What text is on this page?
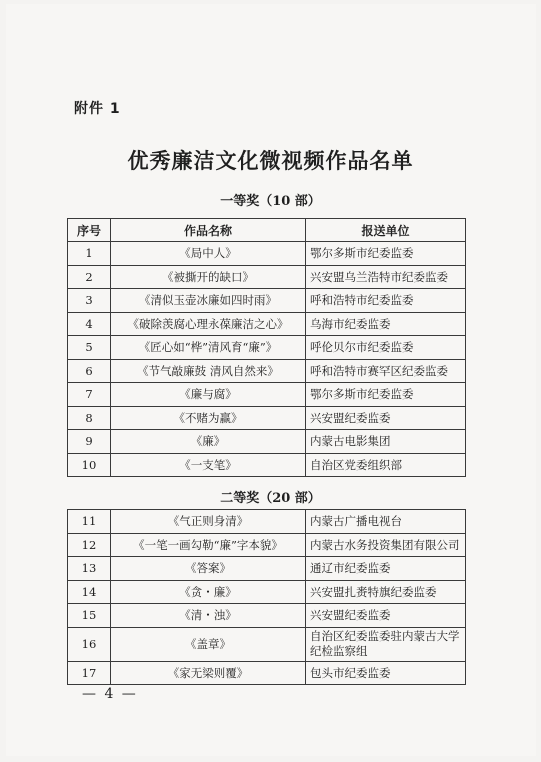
附件 1
优秀廉洁文化微视频作品名单
一等奖（10 部）
序号	作品名称	报送单位
1	《局中人》	鄂尔多斯市纪委监委
2	《被撕开的缺口》	兴安盟乌兰浩特市纪委监委
3	《清似玉壶冰廉如四时雨》	呼和浩特市纪委监委
4	《破除羡腐心理永葆廉洁之心》	乌海市纪委监委
5	《匠心如“桦”清风育“廉”》	呼伦贝尔市纪委监委
6	《节气敲廉鼓 清风自然来》	呼和浩特市赛罕区纪委监委
7	《廉与腐》	鄂尔多斯市纪委监委
8	《不赌为赢》	兴安盟纪委监委
9	《廉》	内蒙古电影集团
10	《一支笔》	自治区党委组织部
二等奖（20 部）
11	《气正则身清》	内蒙古广播电视台
12	《一笔一画勾勒“廉”字本貌》	内蒙古水务投资集团有限公司
13	《答案》	通辽市纪委监委
14	《贪・廉》	兴安盟扎赉特旗纪委监委
15	《清・浊》	兴安盟纪委监委
16	《盖章》	自治区纪委监委驻内蒙古大学纪检监察组
17	《家无梁则覆》	包头市纪委监委
— 4 —
